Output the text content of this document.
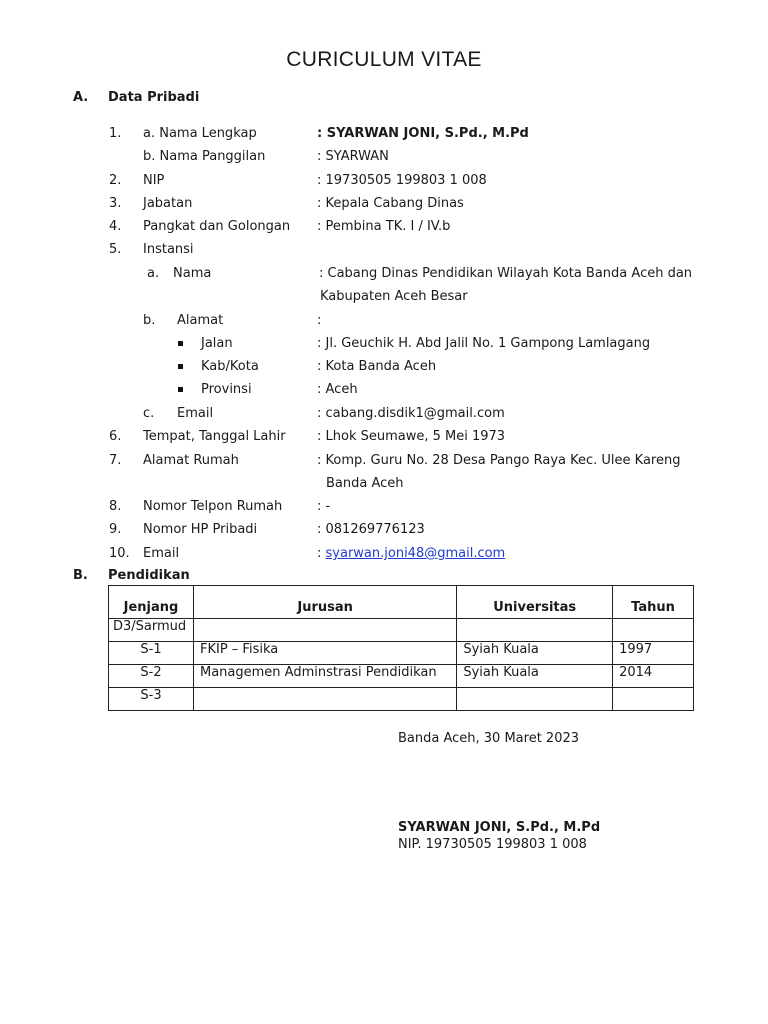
CURICULUM VITAE
A. Data Pribadi
1. a. Nama Lengkap	: SYARWAN JONI, S.Pd., M.Pd
b. Nama Panggilan	: SYARWAN
2. NIP	: 19730505 199803 1 008
3. Jabatan	: Kepala Cabang Dinas
4. Pangkat dan Golongan : Pembina TK. I / IV.b
5. Instansi
a. Nama	: Cabang Dinas Pendidikan Wilayah Kota Banda Aceh dan
Kabupaten Aceh Besar
b. Alamat	:
Jalan	: Jl. Geuchik H. Abd Jalil No. 1 Gampong Lamlagang
Kab/Kota	: Kota Banda Aceh
Provinsi	: Aceh
c. Email	: cabang.disdik1@gmail.com
6. Tempat, Tanggal Lahir : Lhok Seumawe, 5 Mei 1973
7. Alamat Rumah	: Komp. Guru No. 28 Desa Pango Raya Kec. Ulee Kareng
Banda Aceh
8. Nomor Telpon Rumah	: -
9. Nomor HP Pribadi	: 081269776123
10. Email	: syarwan.joni48@gmail.com
B. Pendidikan
Jenjang	Jurusan	Universitas	Tahun
D3/Sarmud			
S-1	FKIP – Fisika	Syiah Kuala	1997
S-2	Managemen Adminstrasi Pendidikan	Syiah Kuala	2014
S-3			
Banda Aceh, 30 Maret 2023
SYARWAN JONI, S.Pd., M.Pd
NIP. 19730505 199803 1 008
